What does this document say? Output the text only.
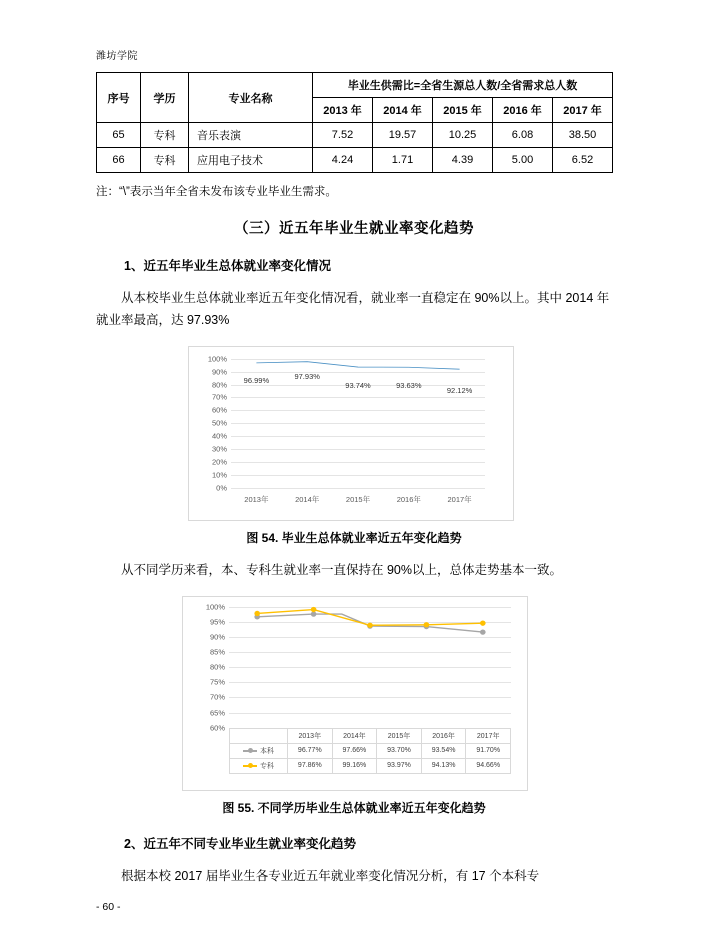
潍坊学院
序号	学历	专业名称	毕业生供需比=全省生源总人数/全省需求总人数				
			2013 年	2014 年	2015 年	2016 年	2017 年
65	专科	音乐表演	7.52	19.57	10.25	6.08	38.50
66	专科	应用电子技术	4.24	1.71	4.39	5.00	6.52
注：“\”表示当年全省未发布该专业毕业生需求。
（三）近五年毕业生就业率变化趋势
1、近五年毕业生总体就业率变化情况

从本校毕业生总体就业率近五年变化情况看，就业率一直稳定在 90%以上。其中 2014 年就业率最高，达 97.93%

100%
90%
80%
70%
60%
50%
40%
30%
20%
10%
0%
96.99%	97.93%
93.74%	93.63%
92.12%
2013年	2014年	2015年	2016年	2017年
图 54. 毕业生总体就业率近五年变化趋势

从不同学历来看，本、专科生就业率一直保持在 90%以上，总体走势基本一致。

100%
95%
90%
85%
80%
75%
70%
65%
60%
	2013年	2014年	2015年	2016年	2017年
本科	96.77%	97.66%	93.70%	93.54%	91.70%
专科	97.86%	99.16%	93.97%	94.13%	94.66%
图 55. 不同学历毕业生总体就业率近五年变化趋势
2、近五年不同专业毕业生就业率变化趋势

根据本校 2017 届毕业生各专业近五年就业率变化情况分析，有 17 个本科专

- 60 -
